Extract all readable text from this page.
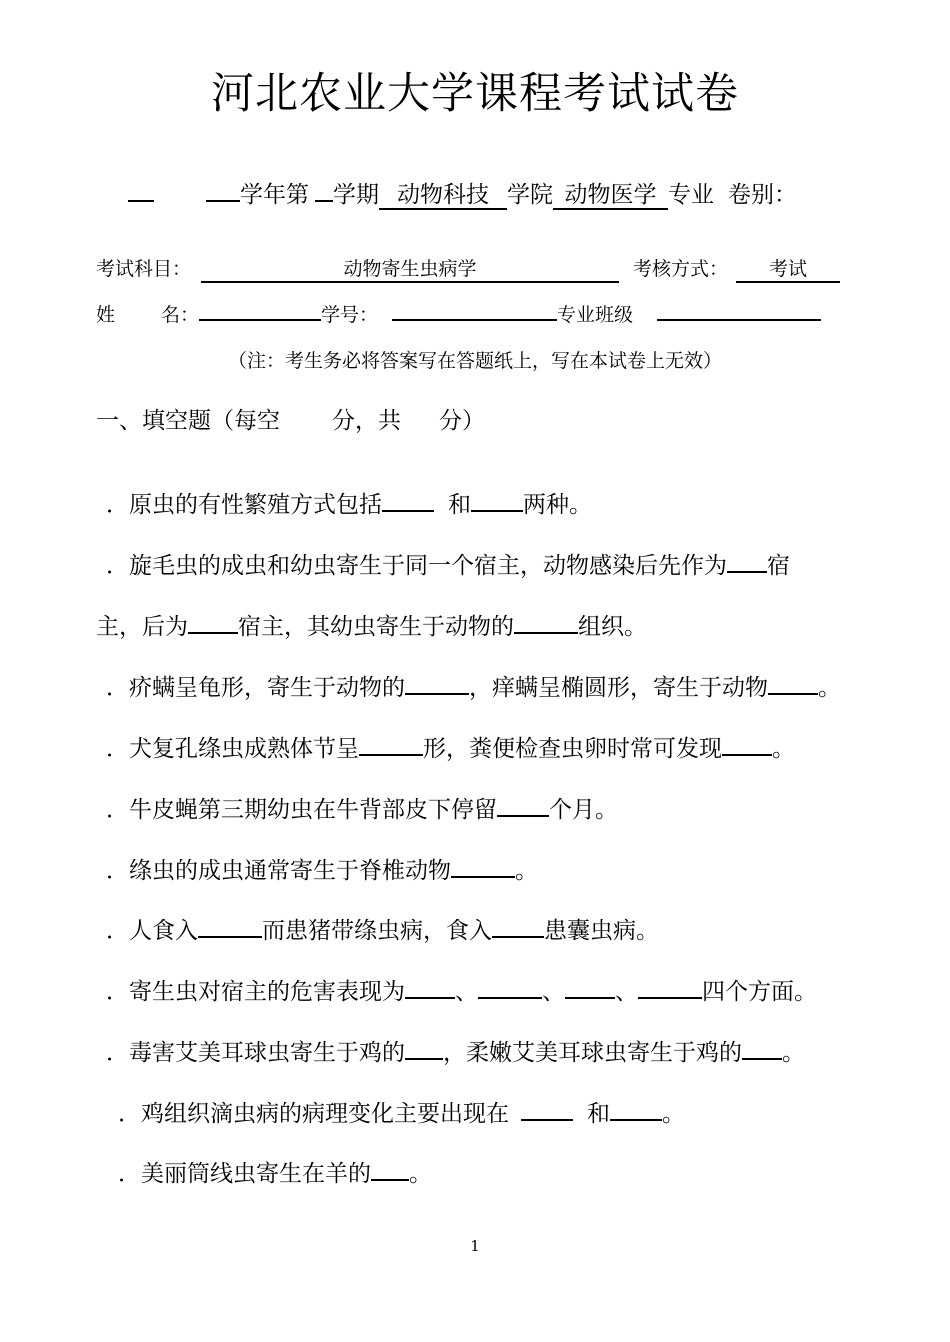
河北农业大学课程考试试卷
学年第 学期 动物科技 学院 动物医学 专业 卷别：
考试科目：	动物寄生虫病学	考核方式： 考试
姓 名：	学号：	专业班级
（注：考生务必将答案写在答题纸上，写在本试卷上无效）
一、填空题（每空 分，共 分）
．原虫的有性繁殖方式包括	和 两种。
．旋毛虫的成虫和幼虫寄生于同一个宿主，动物感染后先作为 宿
主，后为 宿主，其幼虫寄生于动物的	组织。
．疥螨呈龟形，寄生于动物的	，痒螨呈椭圆形，寄生于动物 。
．犬复孔绦虫成熟体节呈	形，粪便检查虫卵时常可发现 。
．牛皮蝇第三期幼虫在牛背部皮下停留 个月。
．绦虫的成虫通常寄生于脊椎动物	。
．人食入	而患猪带绦虫病，食入 患囊虫病。
．寄生虫对宿主的危害表现为 、	、 、	四个方面。
．毒害艾美耳球虫寄生于鸡的 ，柔嫩艾美耳球虫寄生于鸡的 。
．鸡组织滴虫病的病理变化主要出现在	和 。
．美丽筒线虫寄生在羊的 。
1
